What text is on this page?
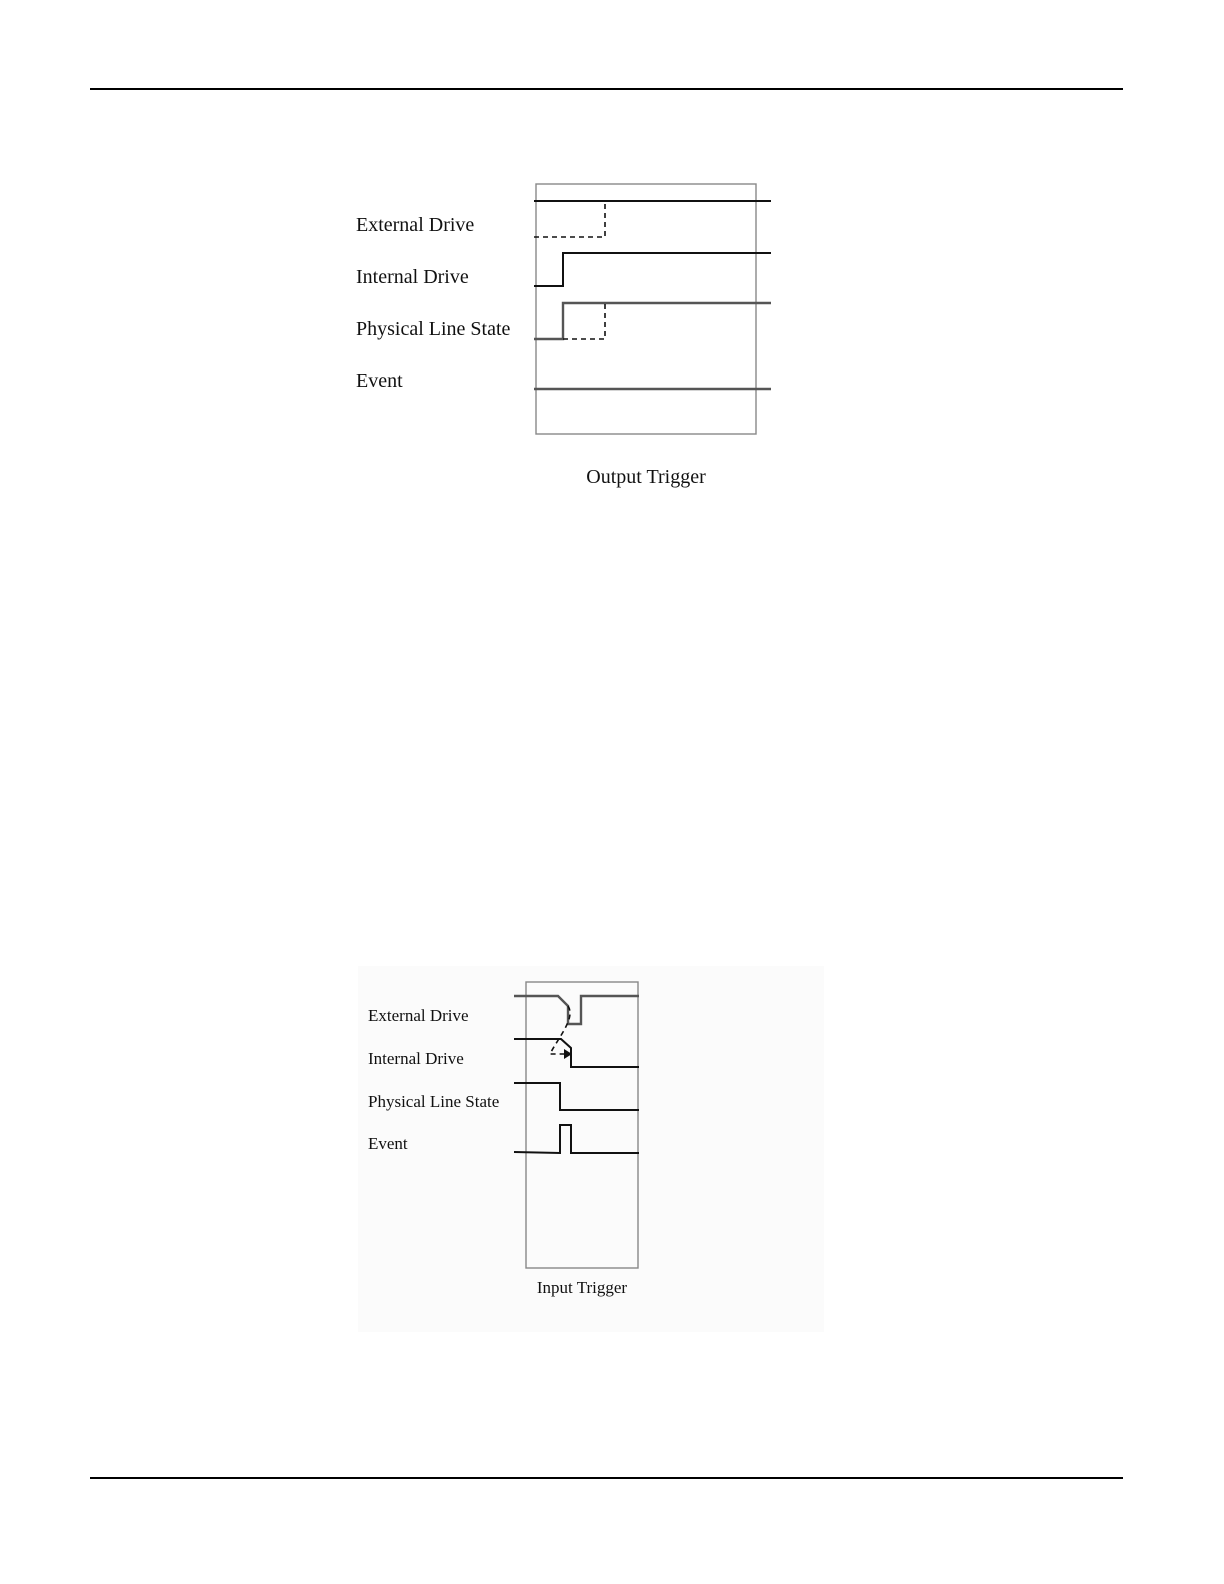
External Drive
Internal Drive
Physical Line State
Event
Output Trigger
External Drive
Internal Drive
Physical Line State
Event
Input Trigger
